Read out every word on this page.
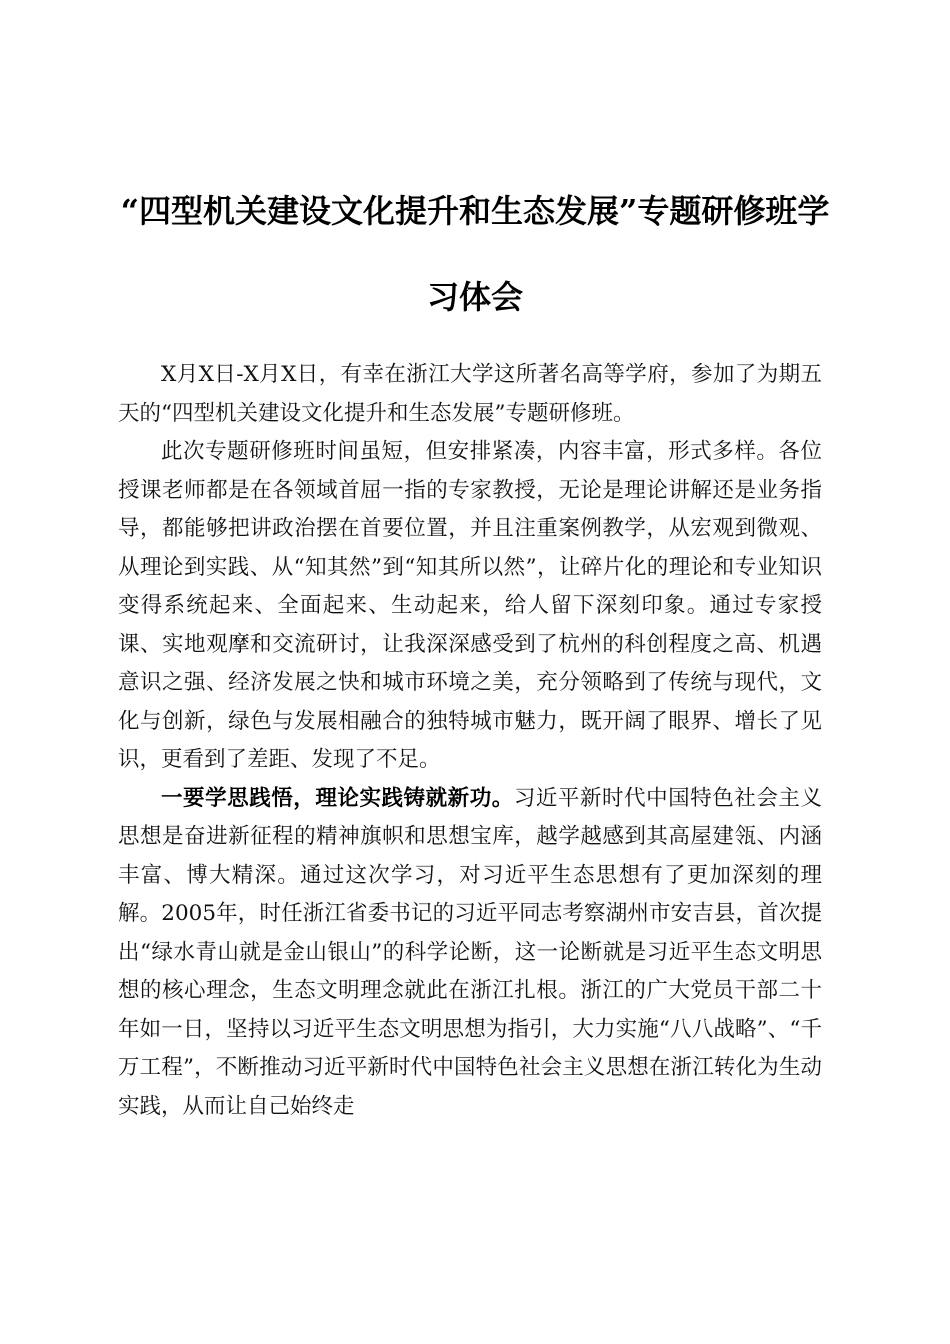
“四型机关建设文化提升和生态发展”专题研修班学习体会

X月X日-X月X日，有幸在浙江大学这所著名高等学府，参加了为期五天的“四型机关建设文化提升和生态发展”专题研修班。

此次专题研修班时间虽短，但安排紧凑，内容丰富，形式多样。各位授课老师都是在各领域首屈一指的专家教授，无论是理论讲解还是业务指导，都能够把讲政治摆在首要位置，并且注重案例教学，从宏观到微观、从理论到实践、从“知其然”到“知其所以然”，让碎片化的理论和专业知识变得系统起来、全面起来、生动起来，给人留下深刻印象。通过专家授课、实地观摩和交流研讨，让我深深感受到了杭州的科创程度之高、机遇意识之强、经济发展之快和城市环境之美，充分领略到了传统与现代，文化与创新，绿色与发展相融合的独特城市魅力，既开阔了眼界、增长了见识，更看到了差距、发现了不足。

一要学思践悟，理论实践铸就新功。习近平新时代中国特色社会主义思想是奋进新征程的精神旗帜和思想宝库，越学越感到其高屋建瓴、内涵丰富、博大精深。通过这次学习，对习近平生态思想有了更加深刻的理解。2005年，时任浙江省委书记的习近平同志考察湖州市安吉县，首次提出“绿水青山就是金山银山”的科学论断，这一论断就是习近平生态文明思想的核心理念，生态文明理念就此在浙江扎根。浙江的广大党员干部二十年如一日，坚持以习近平生态文明思想为指引，大力实施“八八战略”、“千万工程”，不断推动习近平新时代中国特色社会主义思想在浙江转化为生动实践，从而让自己始终走
